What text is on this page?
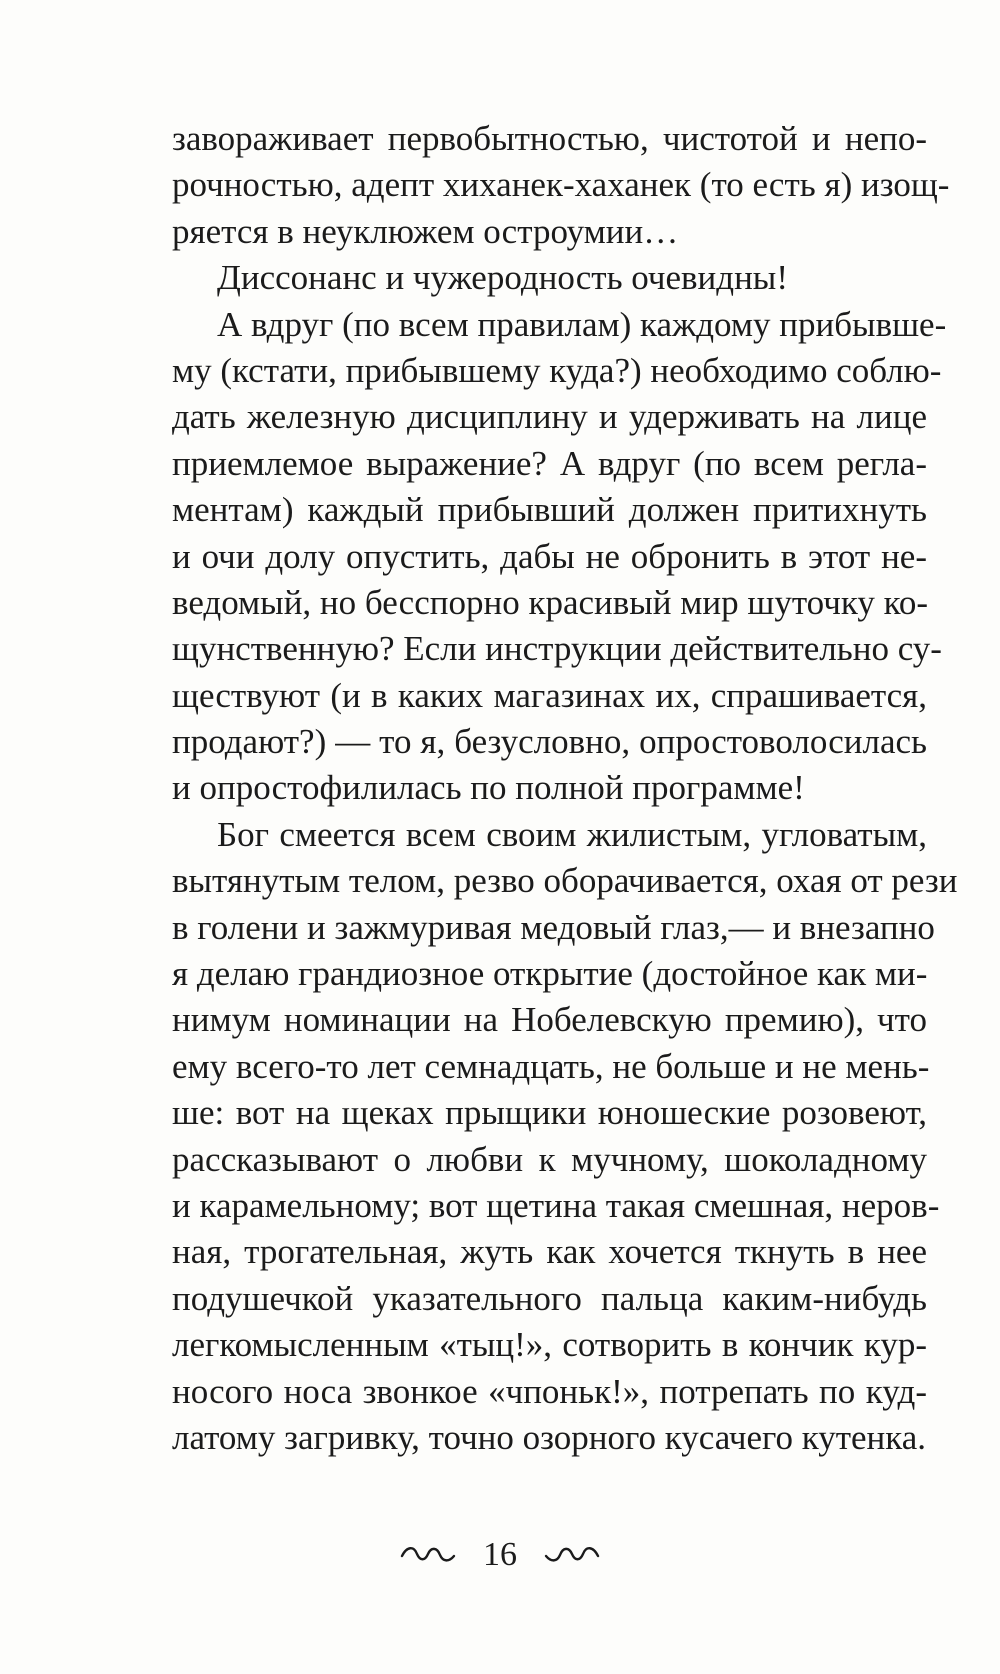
завораживает первобытностью, чистотой и непо-
рочностью, адепт хиханек-хаханек (то есть я) изощ-
ряется в неуклюжем остроумии…
Диссонанс и чужеродность очевидны!
А вдруг (по всем правилам) каждому прибывше-
му (кстати, прибывшему куда?) необходимо соблю-
дать железную дисциплину и удерживать на лице
приемлемое выражение? А вдруг (по всем регла-
ментам) каждый прибывший должен притихнуть
и очи долу опустить, дабы не обронить в этот не-
ведомый, но бесспорно красивый мир шуточку ко-
щунственную? Если инструкции действительно су-
ществуют (и в каких магазинах их, спрашивается,
продают?) — то я, безусловно, опростоволосилась
и опростофилилась по полной программе!
Бог смеется всем своим жилистым, угловатым,
вытянутым телом, резво оборачивается, охая от рези
в голени и зажмуривая медовый глаз,— и внезапно
я делаю грандиозное открытие (достойное как ми-
нимум номинации на Нобелевскую премию), что
ему всего-то лет семнадцать, не больше и не мень-
ше: вот на щеках прыщики юношеские розовеют,
рассказывают о любви к мучному, шоколадному
и карамельному; вот щетина такая смешная, неров-
ная, трогательная, жуть как хочется ткнуть в нее
подушечкой указательного пальца каким-нибудь
легкомысленным «тыц!», сотворить в кончик кур-
носого носа звонкое «чпоньк!», потрепать по куд-
латому загривку, точно озорного кусачего кутенка.
16
